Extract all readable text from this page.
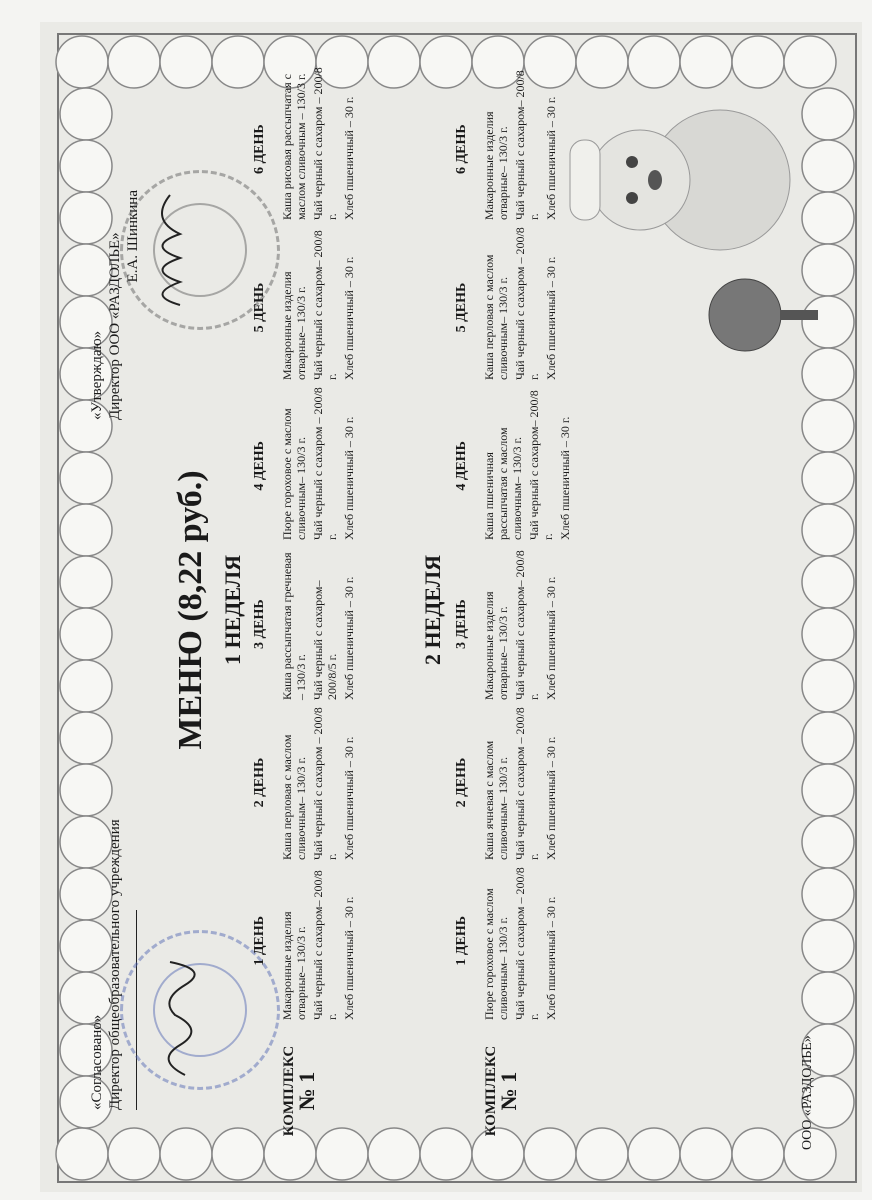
«Согласовано» Директор общеобразовательного учреждения
«Утверждаю» Директор ООО «РАЗДОЛЬЕ» Е.А. Шинкина
МЕНЮ (8,22 руб.) 1 НЕДЕЛЯ
1 ДЕНЬ
2 ДЕНЬ
3 ДЕНЬ
4 ДЕНЬ
5 ДЕНЬ
6 ДЕНЬ
КОМПЛЕКС
№ 1

Макаронные изделия отварные– 130/3 г. Чай черный с сахаром– 200/8 г. Хлеб пшеничный – 30 г.

Каша перловая с маслом сливочным– 130/3 г. Чай черный с сахаром – 200/8 г. Хлеб пшеничный – 30 г.

Каша рассыпчатая гречневая – 130/3 г. Чай черный с сахаром– 200/8/5 г. Хлеб пшеничный – 30 г.

Пюре гороховое с маслом сливочным– 130/3 г. Чай черный с сахаром – 200/8 г. Хлеб пшеничный – 30 г.

Макаронные изделия отварные– 130/3 г. Чай черный с сахаром– 200/8 г. Хлеб пшеничный – 30 г.

Каша рисовая рассыпчатая с маслом сливочным – 130/3 г. Чай черный с сахаром – 200/8 г. Хлеб пшеничный – 30 г.

2 НЕДЕЛЯ
1 ДЕНЬ
2 ДЕНЬ
3 ДЕНЬ
4 ДЕНЬ
5 ДЕНЬ
6 ДЕНЬ
КОМПЛЕКС
№ 1

Пюре гороховое с маслом сливочным– 130/3 г. Чай черный с сахаром – 200/8 г. Хлеб пшеничный – 30 г.

Каша ячневая с маслом сливочным– 130/3 г. Чай черный с сахаром – 200/8 г. Хлеб пшеничный – 30 г.

Макаронные изделия отварные– 130/3 г. Чай черный с сахаром– 200/8 г. Хлеб пшеничный – 30 г.

Каша пшеничная рассыпчатая с маслом сливочным– 130/3 г. Чай черный с сахаром– 200/8 г. Хлеб пшеничный – 30 г.

Каша перловая с маслом сливочным– 130/3 г. Чай черный с сахаром – 200/8 г. Хлеб пшеничный – 30 г.

Макаронные изделия отварные– 130/3 г. Чай черный с сахаром– 200/8 г. Хлеб пшеничный – 30 г.

ООО «РАЗДОЛЬЕ»
